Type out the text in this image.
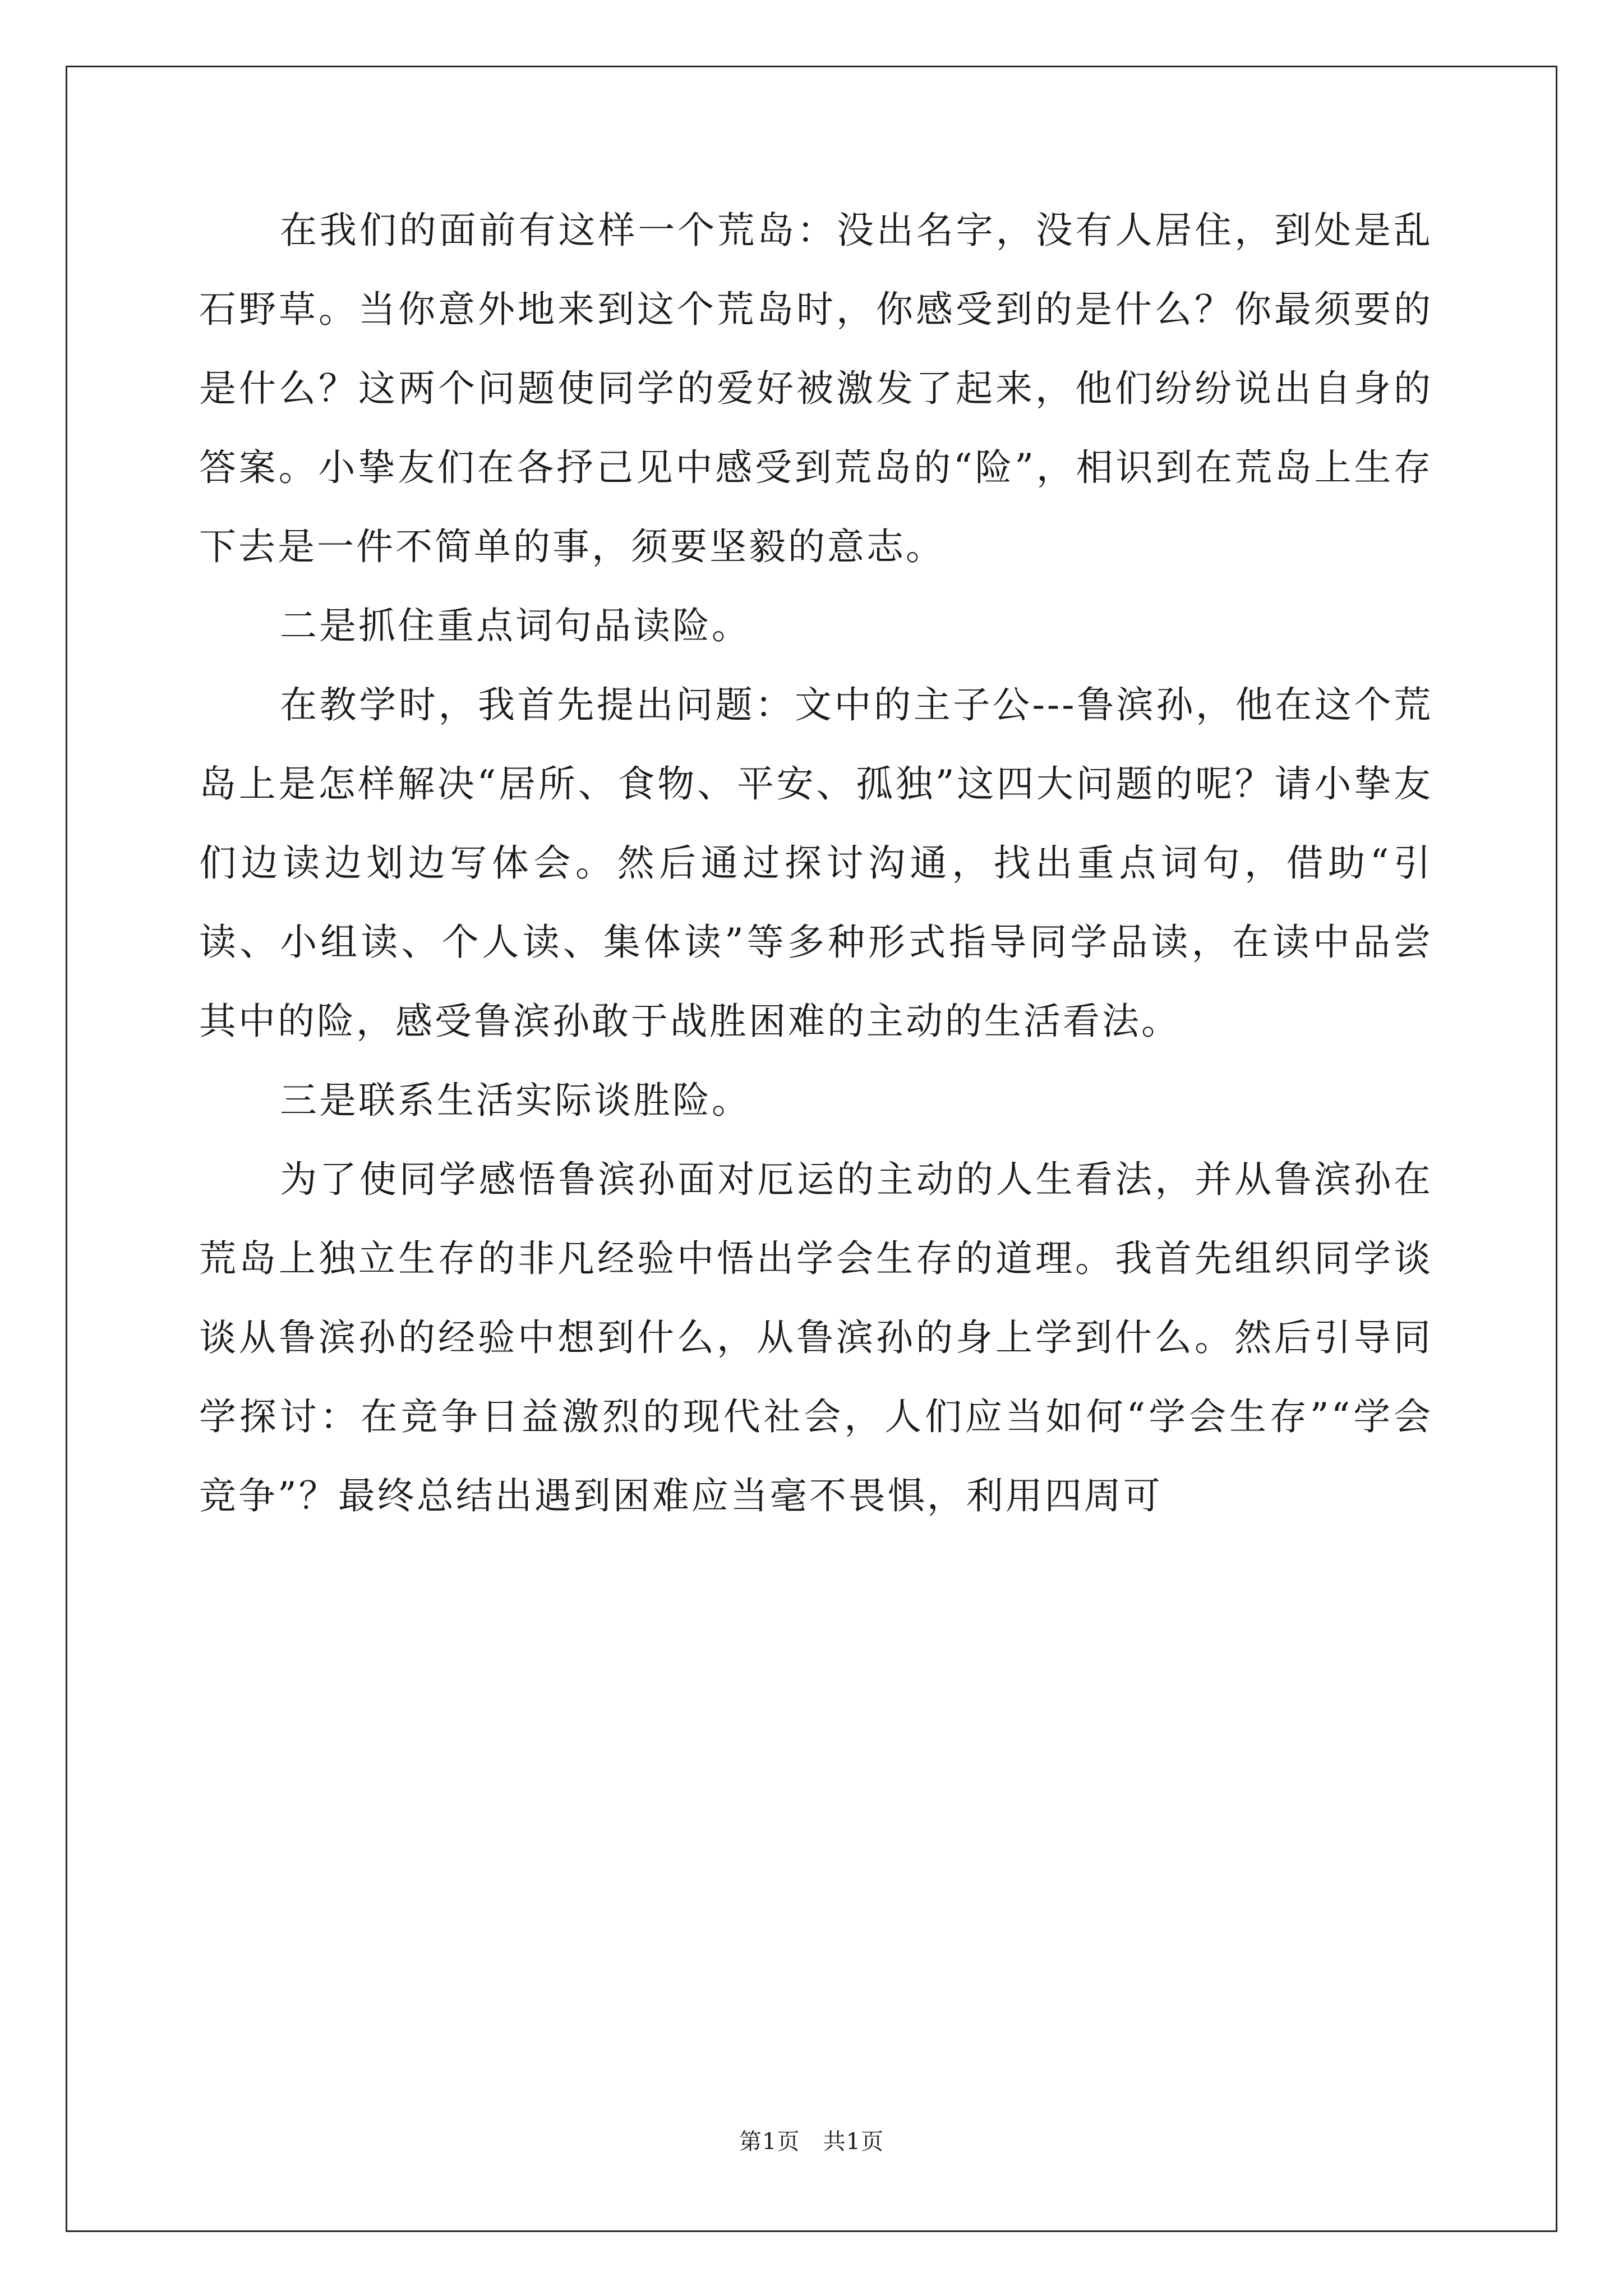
在我们的面前有这样一个荒岛：没出名字，没有人居住，到处是乱石野草。当你意外地来到这个荒岛时，你感受到的是什么？你最须要的是什么？这两个问题使同学的爱好被激发了起来，他们纷纷说出自身的答案。小挚友们在各抒己见中感受到荒岛的“险”，相识到在荒岛上生存下去是一件不简单的事，须要坚毅的意志。

二是抓住重点词句品读险。

在教学时，我首先提出问题：文中的主子公---鲁滨孙，他在这个荒岛上是怎样解决“居所、食物、平安、孤独”这四大问题的呢？请小挚友们边读边划边写体会。然后通过探讨沟通，找出重点词句，借助“引读、小组读、个人读、集体读”等多种形式指导同学品读，在读中品尝其中的险，感受鲁滨孙敢于战胜困难的主动的生活看法。

三是联系生活实际谈胜险。

为了使同学感悟鲁滨孙面对厄运的主动的人生看法，并从鲁滨孙在荒岛上独立生存的非凡经验中悟出学会生存的道理。我首先组织同学谈谈从鲁滨孙的经验中想到什么，从鲁滨孙的身上学到什么。然后引导同学探讨：在竞争日益激烈的现代社会，人们应当如何“学会生存”“学会竞争”？最终总结出遇到困难应当毫不畏惧，利用四周可

第1页 共1页
